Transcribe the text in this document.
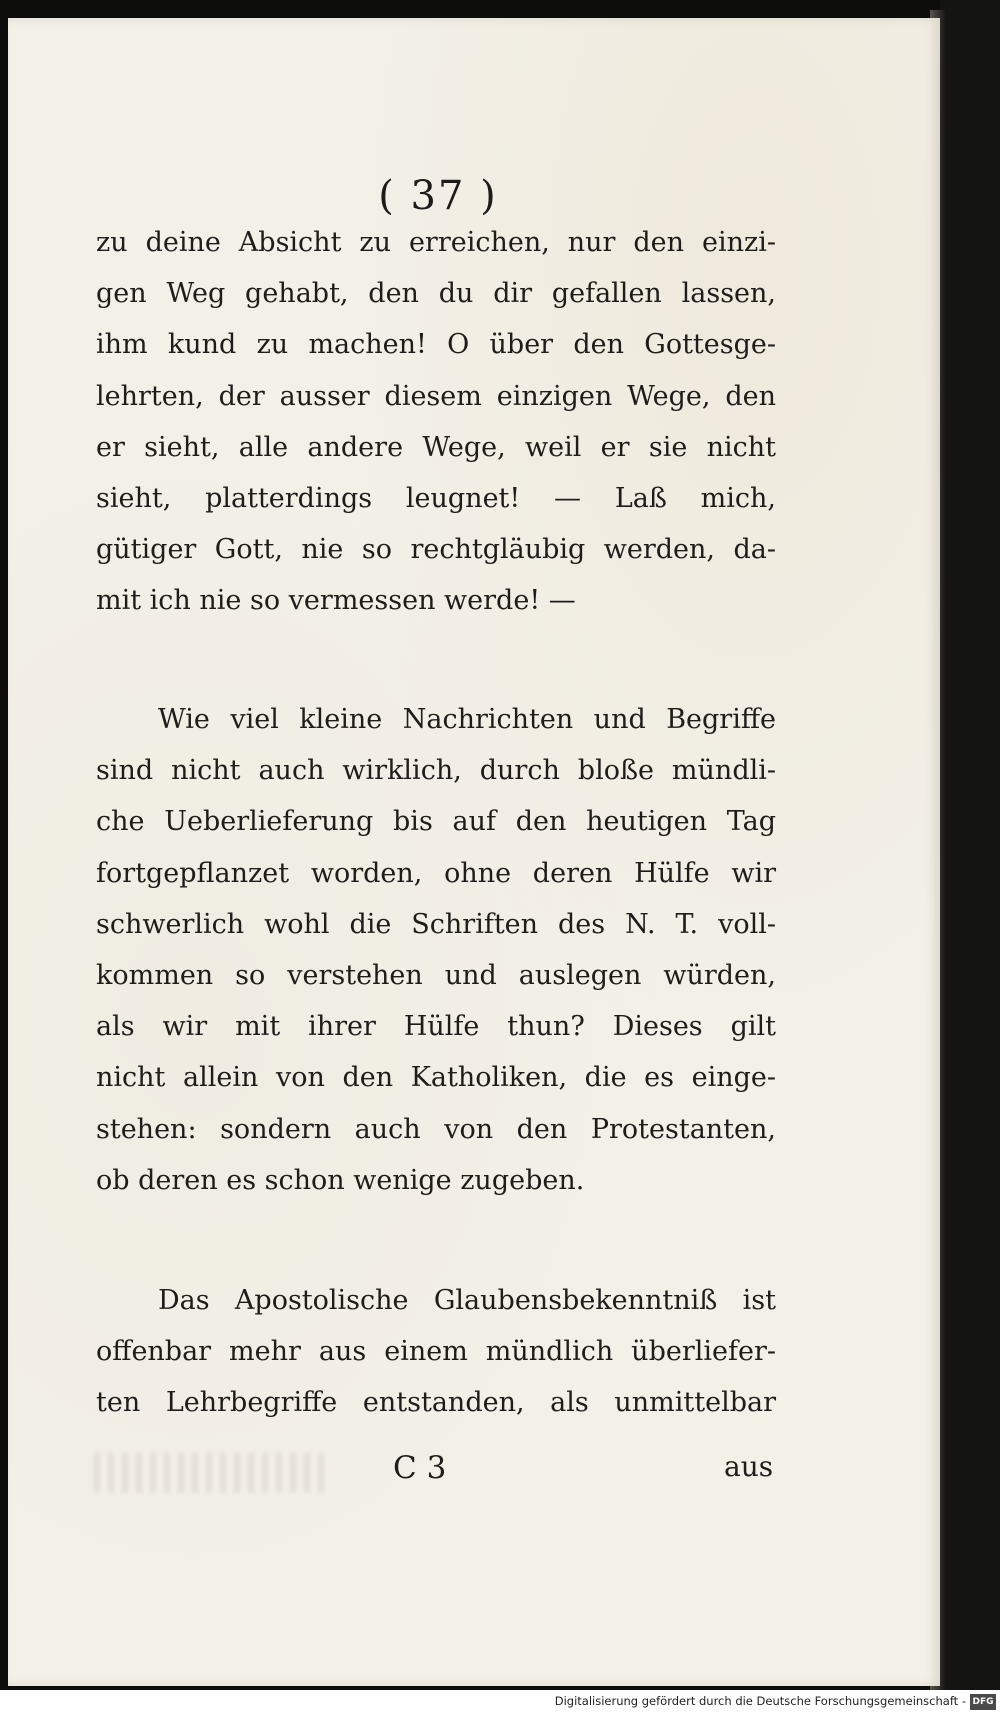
( 37 )
zu deine Absicht zu erreichen, nur den einzi-
gen Weg gehabt, den du dir gefallen lassen,
ihm kund zu machen! O über den Gottesge-
lehrten, der ausser diesem einzigen Wege, den
er sieht, alle andere Wege, weil er sie nicht
sieht, platterdings leugnet! — Laß mich,
gütiger Gott, nie so rechtgläubig werden, da-
mit ich nie so vermessen werde! —
Wie viel kleine Nachrichten und Begriffe
sind nicht auch wirklich, durch bloße mündli-
che Ueberlieferung bis auf den heutigen Tag
fortgepflanzet worden, ohne deren Hülfe wir
schwerlich wohl die Schriften des N. T. voll-
kommen so verstehen und auslegen würden,
als wir mit ihrer Hülfe thun? Dieses gilt
nicht allein von den Katholiken, die es einge-
stehen: sondern auch von den Protestanten,
ob deren es schon wenige zugeben.
Das Apostolische Glaubensbekenntniß ist
offenbar mehr aus einem mündlich überliefer-
ten Lehrbegriffe entstanden, als unmittelbar
C 3	aus
Digitalisierung gefördert durch die Deutsche Forschungsgemeinschaft - DFG
